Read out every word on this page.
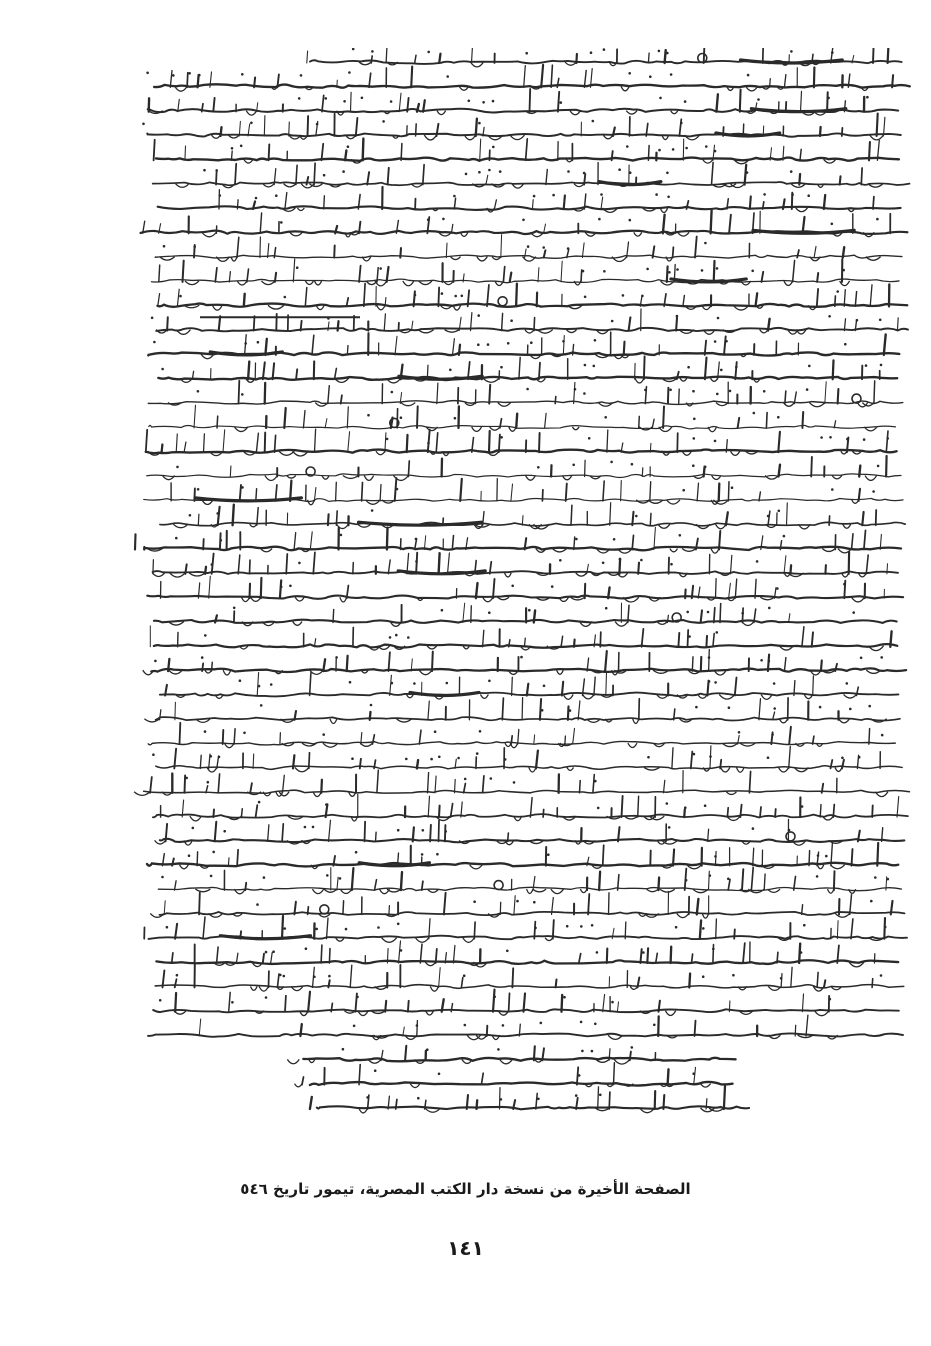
الصفحة الأخيرة من نسخة دار الكتب المصرية، تيمور تاريخ ٥٤٦
١٤١
